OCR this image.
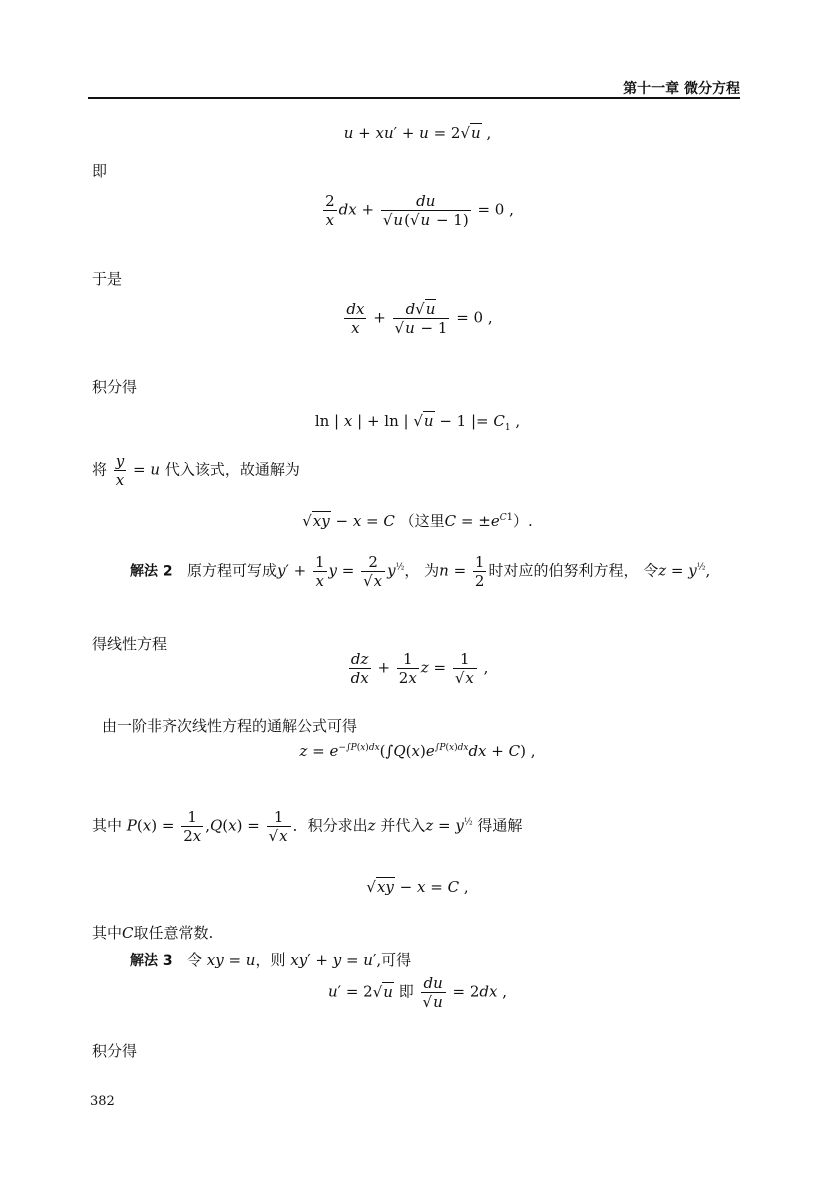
第十一章 微分方程
u + xu′ + u = 2√u ,
即
$\frac{2}{x}$ dx + $\frac{du}{√u(√u - 1)} = 0$ ,
于是
$\frac{dx}{x} + \frac{d√u}{√u - 1} = 0$ ,
积分得
ln | x | + ln | √u − 1 |= $C_1$ ,
将 $\frac{y}{x} = u$ 代入该式，故通解为
√xy − x = C （这里$C = \pm e^{C1}$）.
解法 2 原方程可写成$y' + \frac{1}{x}$ $y = \frac{2}{√x} y^{\frac{1}{2}}$， 为$n = \frac{1}{2}$ 时对应的伯努利方程， 令$z = y^{\frac{1}{2}}$,
得线性方程
$\frac{dz}{dx} + \frac{1}{2x}$ $z = \frac{1}{√x}$ ,
由一阶非齐次线性方程的通解公式可得
$z = e^{-\int P(x)dx}(\int Q(x)e^{\int P(x)dx}dx + C)$ ,
其中 $P(x) = \frac{1}{2x} ,Q(x) = \frac{1}{√x}$ ．积分求出z 并代入$z = y^{\frac{1}{2}}$ 得通解
√xy − x = C ,
其中C取任意常数.
解法 3 令 xy = u，则 xy′ + y = u′,可得
u′ = 2√u 即 $\frac{du}{√u} = 2dx$ ,
积分得
382
